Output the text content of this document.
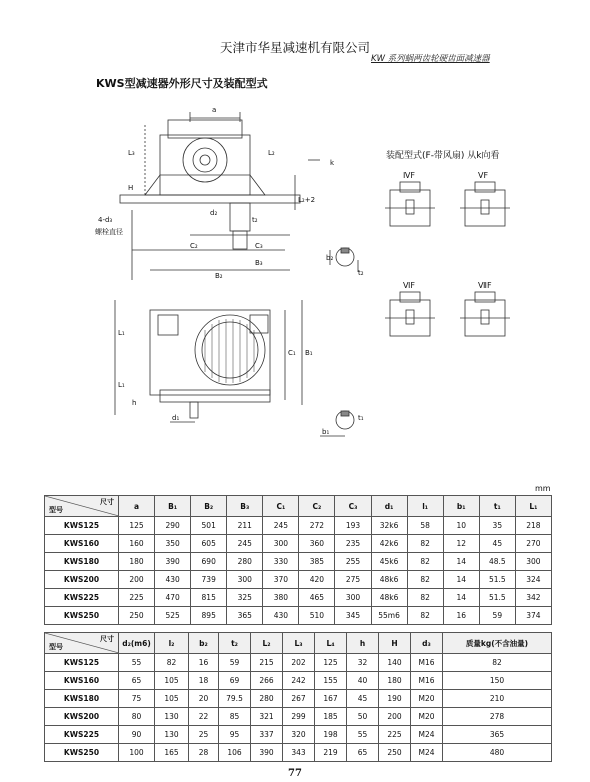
天津市华星减速机有限公司
KW 系列蜗两齿轮硬齿面减速器
KWS型减速器外形尺寸及装配型式
a
L₃
H
L₂
k
L₂+2
4-d₃
螺栓直径
d₂
t₂
C₂	C₃
B₃
B₂
b₂
t₂
L₁
L₁
h
d₁
C₁ B₁
t₁
b₁
ⅣF	ⅤF
ⅥF	ⅦF
装配型式(F-带风扇) 从k向看
mm
尺寸
型号	a	B₁	B₂	B₃	C₁	C₂	C₃	d₁	l₁	b₁	t₁	L₁
KWS125	125	290	501	211	245	272	193	32k6	58	10	35	218
KWS160	160	350	605	245	300	360	235	42k6	82	12	45	270
KWS180	180	390	690	280	330	385	255	45k6	82	14	48.5	300
KWS200	200	430	739	300	370	420	275	48k6	82	14	51.5	324
KWS225	225	470	815	325	380	465	300	48k6	82	14	51.5	342
KWS250	250	525	895	365	430	510	345	55m6	82	16	59	374
尺寸
型号	d₂(m6)	l₂	b₂	t₂	L₂	L₃	L₄	h	H	d₃	质量kg(不含油量)
KWS125	55	82	16	59	215	202	125	32	140	M16	82
KWS160	65	105	18	69	266	242	155	40	180	M16	150
KWS180	75	105	20	79.5	280	267	167	45	190	M20	210
KWS200	80	130	22	85	321	299	185	50	200	M20	278
KWS225	90	130	25	95	337	320	198	55	225	M24	365
KWS250	100	165	28	106	390	343	219	65	250	M24	480
77
